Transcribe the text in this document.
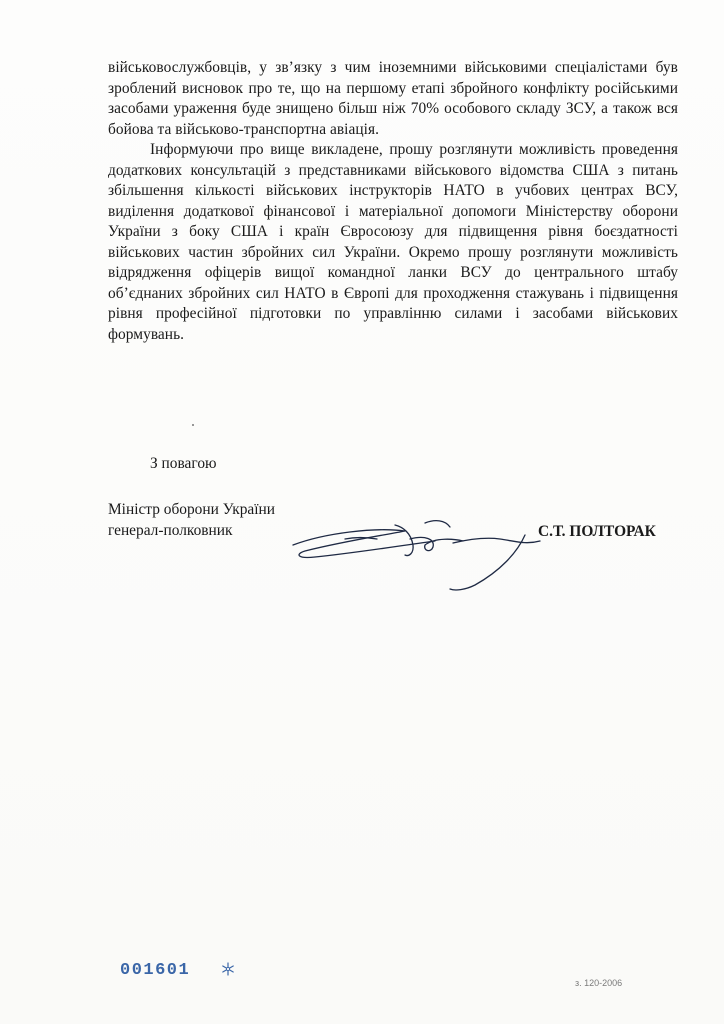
військовослужбовців, у зв’язку з чим іноземними військовими спеціалістами був зроблений висновок про те, що на першому етапі збройного конфлікту російськими засобами ураження буде знищено більш ніж 70% особового складу ЗСУ, а також вся бойова та військово-транспортна авіація.

Інформуючи про вище викладене, прошу розглянути можливість проведення додаткових консультацій з представниками військового відомства США з питань збільшення кількості військових інструкторів НАТО в учбових центрах ВСУ, виділення додаткової фінансової і матеріальної допомоги Міністерству оборони України з боку США і країн Євросоюзу для підвищення рівня боєздатності військових частин збройних сил України. Окремо прошу розглянути можливість відрядження офіцерів вищої командної ланки ВСУ до центрального штабу об’єднаних збройних сил НАТО в Європі для проходження стажувань і підвищення рівня професійної підготовки по управлінню силами і засобами військових формувань.

З повагою
Міністр оборони України
генерал-полковник	С.Т. ПОЛТОРАК
001601
з. 120-2006
